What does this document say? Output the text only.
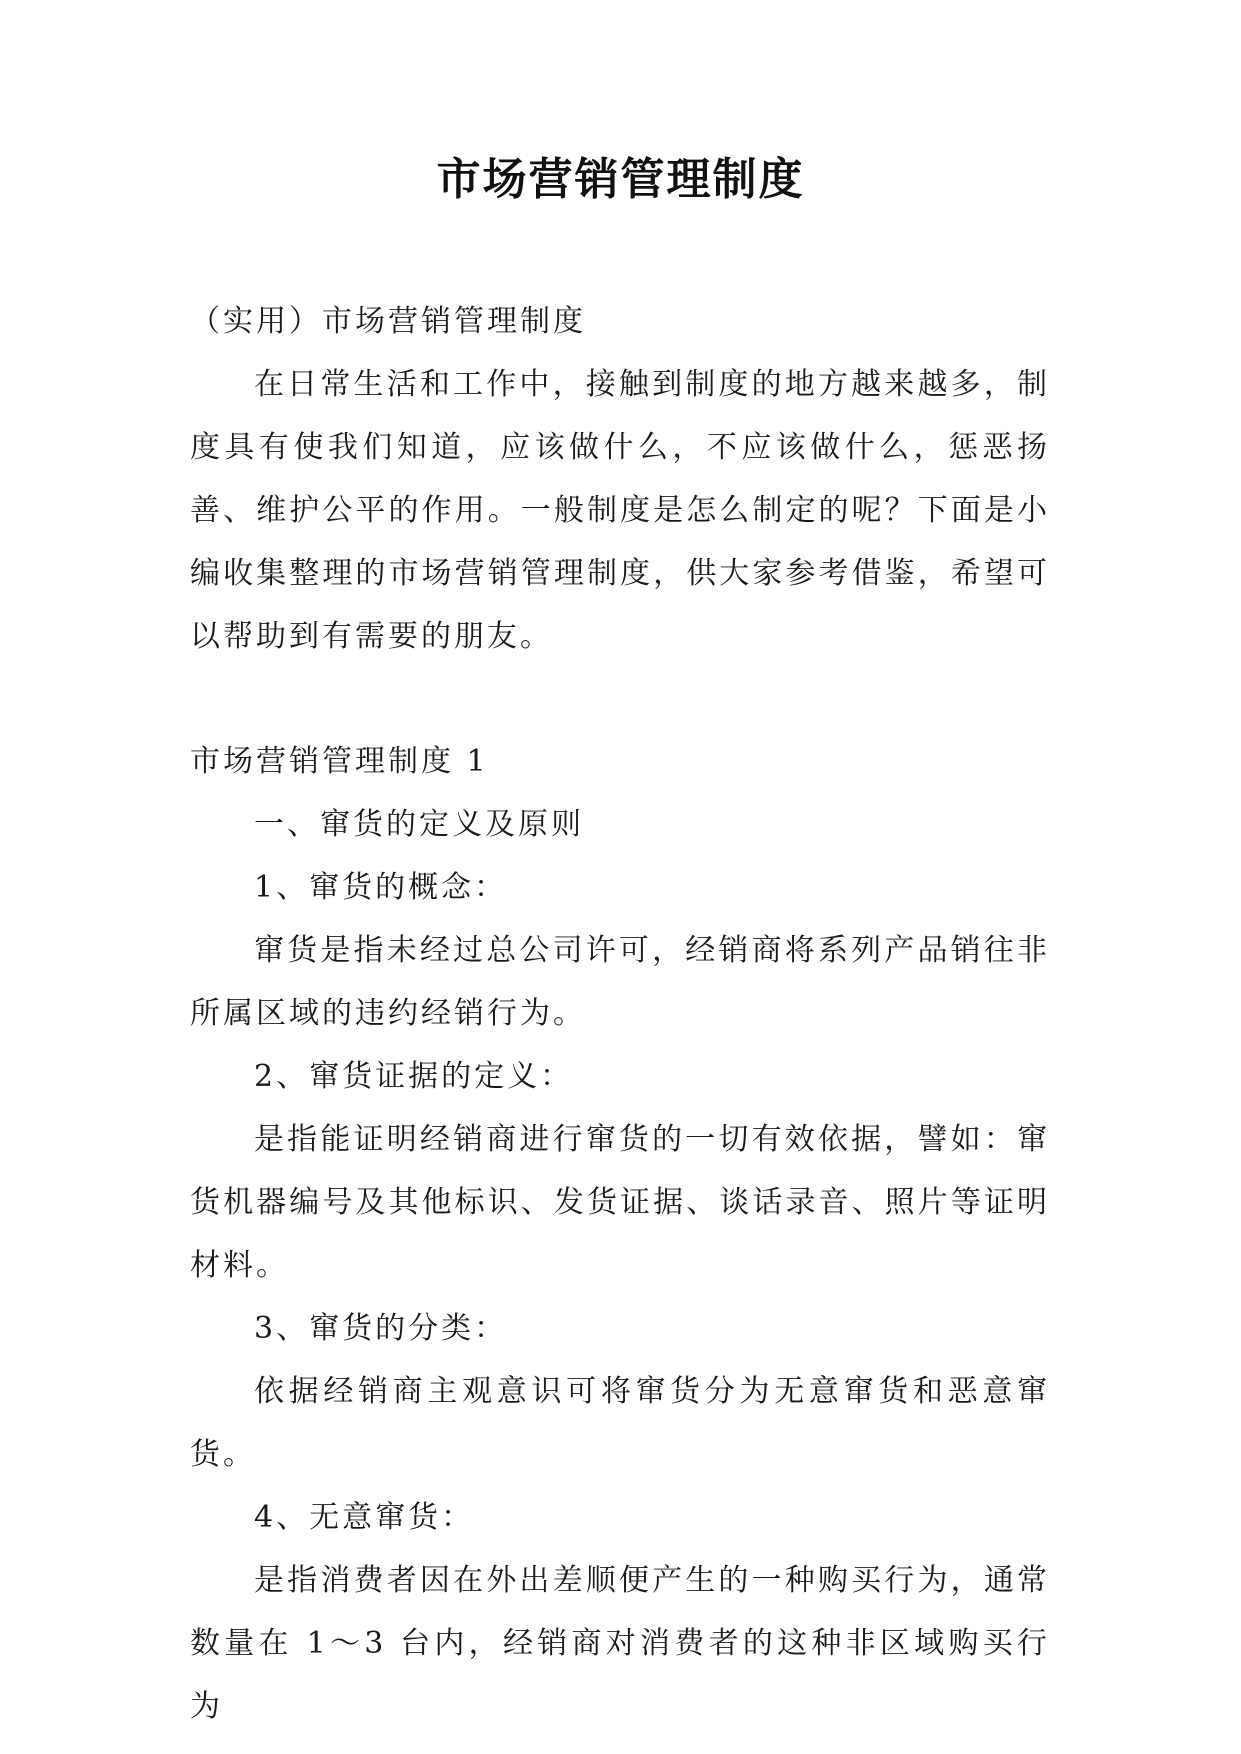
市场营销管理制度

（实用）市场营销管理制度

在日常生活和工作中，接触到制度的地方越来越多，制度具有使我们知道，应该做什么，不应该做什么，惩恶扬善、维护公平的作用。一般制度是怎么制定的呢？下面是小编收集整理的市场营销管理制度，供大家参考借鉴，希望可以帮助到有需要的朋友。

市场营销管理制度 1

一、窜货的定义及原则

1、窜货的概念：

窜货是指未经过总公司许可，经销商将系列产品销往非所属区域的违约经销行为。

2、窜货证据的定义：

是指能证明经销商进行窜货的一切有效依据，譬如：窜货机器编号及其他标识、发货证据、谈话录音、照片等证明材料。

3、窜货的分类：

依据经销商主观意识可将窜货分为无意窜货和恶意窜货。

4、无意窜货：

是指消费者因在外出差顺便产生的一种购买行为，通常数量在 1～3 台内，经销商对消费者的这种非区域购买行为
